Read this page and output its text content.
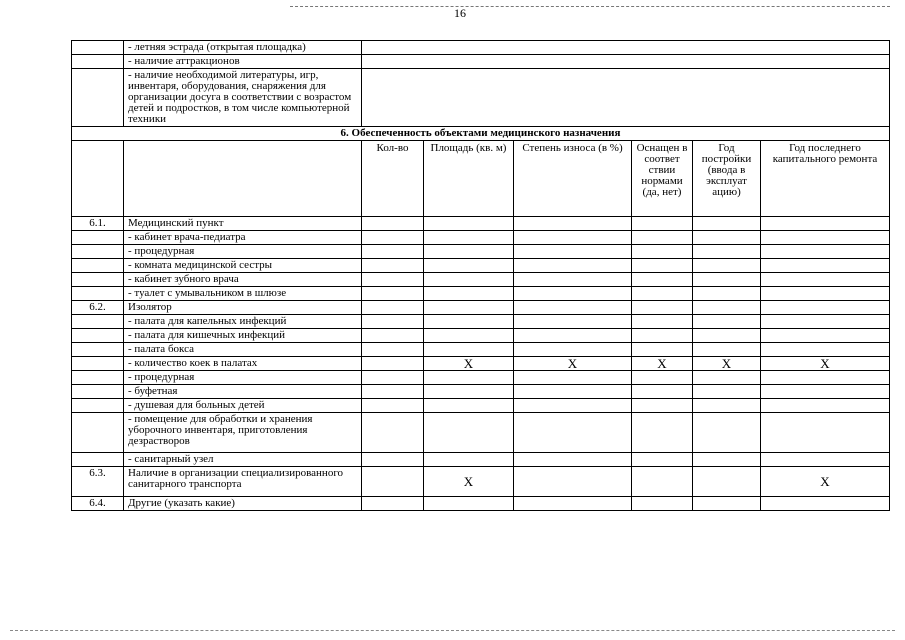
16
	- летняя эстрада (открытая площадка)						
	- наличие аттракционов						
	- наличие необходимой литературы, игр, инвентаря, оборудования, снаряжения для организации досуга в соответствии с возрастом детей и подростков, в том числе компьютерной техники						
6. Обеспеченность объектами медицинского назначения							
		Кол-во	Площадь (кв. м)	Степень износа (в %)	Оснащен в соответ ствии нормами (да, нет)	Год постройки (ввода в эксплуат ацию)	Год последнего капитального ремонта
6.1.	Медицинский пункт						
	- кабинет врача-педиатра						
	- процедурная						
	- комната медицинской сестры						
	- кабинет зубного врача						
	- туалет с умывальником в шлюзе						
6.2.	Изолятор						
	- палата для капельных инфекций						
	- палата для кишечных инфекций						
	- палата бокса						
	- количество коек в палатах		Х	Х	Х	Х	Х
	- процедурная						
	- буфетная						
	- душевая для больных детей						
	- помещение для обработки и хранения уборочного инвентаря, приготовления дезрастворов						
	- санитарный узел						
6.3.	Наличие в организации специализированного санитарного транспорта		Х				Х
6.4.	Другие (указать какие)						
